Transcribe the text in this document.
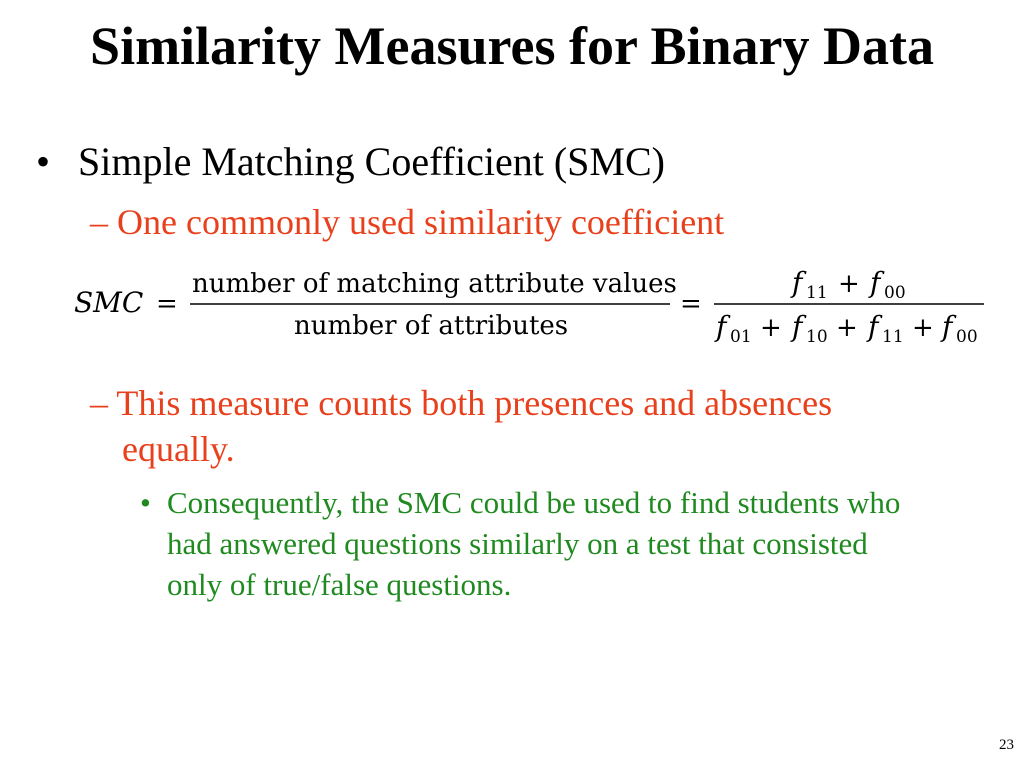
Similarity Measures for Binary Data
• Simple Matching Coefficient (SMC)
– One commonly used similarity coefficient
SMC =
number of matching attribute values
number of attributes
=
f 11 + f 00
f 01 + f 10 + f 11 + f 00
– This measure counts both presences and absences
equally.
• Consequently, the SMC could be used to find students who
had answered questions similarly on a test that consisted
only of true/false questions.
23
